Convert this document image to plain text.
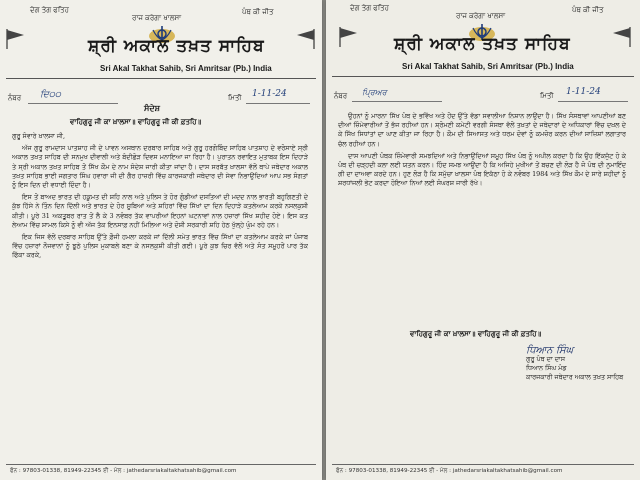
ਦੇਗ ਤੇਗ ਫਤਿਹ
ਰਾਜ ਕਰੇਗਾ ਖਾਲਸਾ
ਪੰਥ ਕੀ ਜੀਤ
ਸ਼੍ਰੀ ਅਕਾਲ ਤਖ਼ਤ ਸਾਹਿਬ
Sri Akal Takhat Sahib, Sri Amritsar (Pb.) India
ਨੰਬਰ ਦਿ੦੦	ਮਿਤੀ 1-11-24
ਸੰਦੇਸ਼
ਵਾਹਿਗੁਰੂ ਜੀ ਕਾ ਖ਼ਾਲਸਾ॥ ਵਾਹਿਗੁਰੂ ਜੀ ਕੀ ਫ਼ਤਹਿ॥
ਗੁਰੂ ਸੰਵਾਰੇ ਖ਼ਾਲਸਾ ਜੀ,

ਅੱਜ ਗੁਰੂ ਰਾਮਦਾਸ ਪਾਤਸ਼ਾਹ ਜੀ ਦੇ ਪਾਵਨ ਅਸਥਾਨ ਦਰਬਾਰ ਸਾਹਿਬ ਅਤੇ ਗੁਰੂ ਹਰਗੋਬਿੰਦ ਸਾਹਿਬ ਪਾਤਸ਼ਾਹ ਦੇ ਵਰੋਸਾਏ ਸ੍ਰੀ ਅਕਾਲ ਤਖ਼ਤ ਸਾਹਿਬ ਦੀ ਸਨਮੁਖ ਦੀਵਾਲੀ ਅਤੇ ਬੰਦੀਛੋੜ ਦਿਵਸ ਮਨਾਇਆ ਜਾ ਰਿਹਾ ਹੈ। ਪੁਰਾਤਨ ਰਵਾਇਤ ਮੁਤਾਬਕ ਇਸ ਦਿਹਾੜੇ ਤੇ ਸ੍ਰੀ ਅਕਾਲ ਤਖ਼ਤ ਸਾਹਿਬ ਤੋਂ ਸਿੱਖ ਕੌਮ ਦੇ ਨਾਮ ਸੰਦੇਸ਼ ਜਾਰੀ ਕੀਤਾ ਜਾਂਦਾ ਹੈ। ਦਾਸ ਸਰਬੱਤ ਖ਼ਾਲਸਾ ਵੱਲੋਂ ਥਾਪੇ ਜਥੇਦਾਰ ਅਕਾਲ ਤਖ਼ਤ ਸਾਹਿਬ ਭਾਈ ਜਗਤਾਰ ਸਿੰਘ ਹਵਾਰਾ ਜੀ ਦੀ ਗੈਰ ਹਾਜ਼ਰੀ ਵਿੱਚ ਕਾਰਜਕਾਰੀ ਜਥੇਦਾਰ ਦੀ ਸੇਵਾ ਨਿਭਾਉਂਦਿਆਂ ਆਪ ਸਭ ਸੰਗਤਾਂ ਨੂੰ ਇਸ ਦਿਨ ਦੀ ਵਧਾਈ ਦਿੰਦਾ ਹੈ।

ਇਸ ਤੋਂ ਬਾਅਦ ਭਾਰਤ ਦੀ ਹਕੂਮਤ ਦੀ ਸ਼ਹਿ ਨਾਲ ਅਤੇ ਪੁਲਿਸ ਤੇ ਹੋਰ ਗੁੰਡੀਆਂ ਦਸਤਿਆਂ ਦੀ ਮਦਦ ਨਾਲ ਭਾਰਤੀ ਬਹੁਗਿਣਤੀ ਦੇ ਕੁੱਝ ਹਿੱਸੇ ਨੇ ਤਿੰਨ ਦਿਨ ਦਿੱਲੀ ਅਤੇ ਭਾਰਤ ਦੇ ਹੋਰ ਸੂਬਿਆਂ ਅਤੇ ਸ਼ਹਿਰਾਂ ਵਿੱਚ ਸਿੱਖਾਂ ਦਾ ਦਿਨ ਦਿਹਾੜੇ ਕਤਲੇਆਮ ਕਰਕੇ ਨਸਲਕੁਸ਼ੀ ਕੀਤੀ। ਪੂਰੇ 31 ਅਕਤੂਬਰ ਰਾਤ ਤੋਂ ਲੈ ਕੇ 3 ਨਵੰਬਰ ਤੱਕ ਵਾਪਰੀਆਂ ਇਹਨਾਂ ਘਟਨਾਵਾਂ ਨਾਲ ਹਜ਼ਾਰਾਂ ਸਿੱਖ ਸ਼ਹੀਦ ਹੋਏ। ਇਸ ਕਤਲੇਆਮ ਵਿੱਚ ਸ਼ਾਮਲ ਕਿਸੇ ਨੂੰ ਵੀ ਅੱਜ ਤੱਕ ਇਨਸਾਫ਼ ਨਹੀਂ ਮਿਲਿਆ ਅਤੇ ਦੋਸ਼ੀ ਸਰਕਾਰੀ ਸ਼ਹਿ ਹੇਠ ਖੁੱਲ੍ਹੇ ਘੁੰਮ ਰਹੇ ਹਨ।

ਇਕ ਜਿਸ ਵੱਲੋਂ ਦਰਬਾਰ ਸਾਹਿਬ ਉੱਤੇ ਫ਼ੌਜੀ ਹਮਲਾ ਕਰਕੇ ਜਾਂ ਦਿੱਲੀ ਸਮੇਤ ਭਾਰਤ ਵਿੱਚ ਸਿੱਖਾਂ ਦਾ ਕਤਲੇਆਮ ਕਰਕੇ ਜਾਂ ਪੰਜਾਬ ਵਿੱਚ ਹਜ਼ਾਰਾਂ ਨੌਜਵਾਨਾਂ ਨੂੰ ਝੂਠੇ ਪੁਲਿਸ ਮੁਕਾਬਲੇ ਬਣਾ ਕੇ ਨਸਲਕੁਸ਼ੀ ਕੀਤੀ ਗਈ। ਪੂਰੇ ਕੁਝ ਚਿਰ ਵੱਲੋਂ ਅਤੇ ਸੰਤ ਸਮੂਹਰੋਂ ਪਾਰ ਤੱਕ ਫਿੱਕਾ ਕਰਕੇ,

ਫੋਨ : 97803-01338, 81949-22345 ਈ - ਮੇਲ : jathedarsriakaltakhatsahib@gmail.com
ਦੇਗ ਤੇਗ ਫਤਿਹ
ਰਾਜ ਕਰੇਗਾ ਖਾਲਸਾ
ਪੰਥ ਕੀ ਜੀਤ
ਸ਼੍ਰੀ ਅਕਾਲ ਤਖ਼ਤ ਸਾਹਿਬ
Sri Akal Takhat Sahib, Sri Amritsar (Pb.) India
ਨੰਬਰ ਪ੍ਰਿਅਰ	ਮਿਤੀ 1-11-24

ਉਹਨਾਂ ਨੂੰ ਮਾਰਨਾ ਸਿੱਖ ਪੰਥ ਦੇ ਭਵਿੱਖ ਅਤੇ ਹੋਂਦ ਉੱਤੇ ਵੱਡਾ ਸਵਾਲੀਆ ਨਿਸ਼ਾਨ ਲਾਉਂਦਾ ਹੈ। ਸਿੱਖ ਸੰਸਥਾਵਾਂ ਆਪਣੀਆਂ ਬਣਦੀਆਂ ਜ਼ਿੰਮੇਵਾਰੀਆਂ ਤੋਂ ਭੱਜ ਰਹੀਆਂ ਹਨ। ਸ਼੍ਰੋਮਣੀ ਕਮੇਟੀ ਵਰਗੀ ਸੰਸਥਾ ਵੱਲੋਂ ਤਖ਼ਤਾਂ ਦੇ ਜਥੇਦਾਰਾਂ ਦੇ ਅਧਿਕਾਰਾਂ ਵਿੱਚ ਦਖ਼ਲ ਦੇ ਕੇ ਸਿੱਖ ਸਿਧਾਂਤਾਂ ਦਾ ਘਾਣ ਕੀਤਾ ਜਾ ਰਿਹਾ ਹੈ। ਕੌਮ ਦੀ ਸਿਆਸਤ ਅਤੇ ਧਰਮ ਦੋਵਾਂ ਨੂੰ ਕਮਜ਼ੋਰ ਕਰਨ ਦੀਆਂ ਸਾਜ਼ਿਸ਼ਾਂ ਲਗਾਤਾਰ ਚੱਲ ਰਹੀਆਂ ਹਨ।

ਦਾਸ ਆਪਣੀ ਪੰਥਕ ਜ਼ਿੰਮੇਵਾਰੀ ਸਮਝਦਿਆਂ ਅਤੇ ਨਿਭਾਉਂਦਿਆਂ ਸਮੂਹ ਸਿੱਖ ਪੰਥ ਨੂੰ ਅਪੀਲ ਕਰਦਾ ਹੈ ਕਿ ਉਹ ਇੱਕਜੁੱਟ ਹੋ ਕੇ ਪੰਥ ਦੀ ਚੜ੍ਹਦੀ ਕਲਾ ਲਈ ਯਤਨ ਕਰਨ। ਹਿੰਦ ਸਮਝ ਆਉਂਦਾ ਹੈ ਕਿ ਅਜਿਹੇ ਮੁਖੀਆਂ ਤੋਂ ਬਚਣ ਦੀ ਲੋੜ ਹੈ ਜੋ ਪੰਥ ਦੀ ਨੁਮਾਇੰਦਗੀ ਦਾ ਦਾਅਵਾ ਕਰਦੇ ਹਨ। ਹੁਣ ਲੋੜ ਹੈ ਕਿ ਸਮੁੱਚਾ ਖ਼ਾਲਸਾ ਪੰਥ ਇਕੱਠਾ ਹੋ ਕੇ ਨਵੰਬਰ 1984 ਅਤੇ ਸਿੱਖ ਕੌਮ ਦੇ ਸਾਰੇ ਸ਼ਹੀਦਾਂ ਨੂੰ ਸ਼ਰਧਾਂਜਲੀ ਭੇਟ ਕਰਦਾ ਹੋਇਆ ਨਿਆਂ ਲਈ ਸੰਘਰਸ਼ ਜਾਰੀ ਰੱਖੇ।

ਵਾਹਿਗੁਰੂ ਜੀ ਕਾ ਖ਼ਾਲਸਾ॥ ਵਾਹਿਗੁਰੂ ਜੀ ਕੀ ਫ਼ਤਹਿ॥
ਧਿਆਨ ਸਿੰਘ
ਗੁਰੂ ਪੰਥ ਦਾ ਦਾਸ
ਧਿਆਨ ਸਿੰਘ ਮੰਡ
ਕਾਰਜਕਾਰੀ ਜਥੇਦਾਰ ਅਕਾਲ ਤਖ਼ਤ ਸਾਹਿਬ
ਫੋਨ : 97803-01338, 81949-22345 ਈ - ਮੇਲ : jathedarsriakaltakhatsahib@gmail.com
